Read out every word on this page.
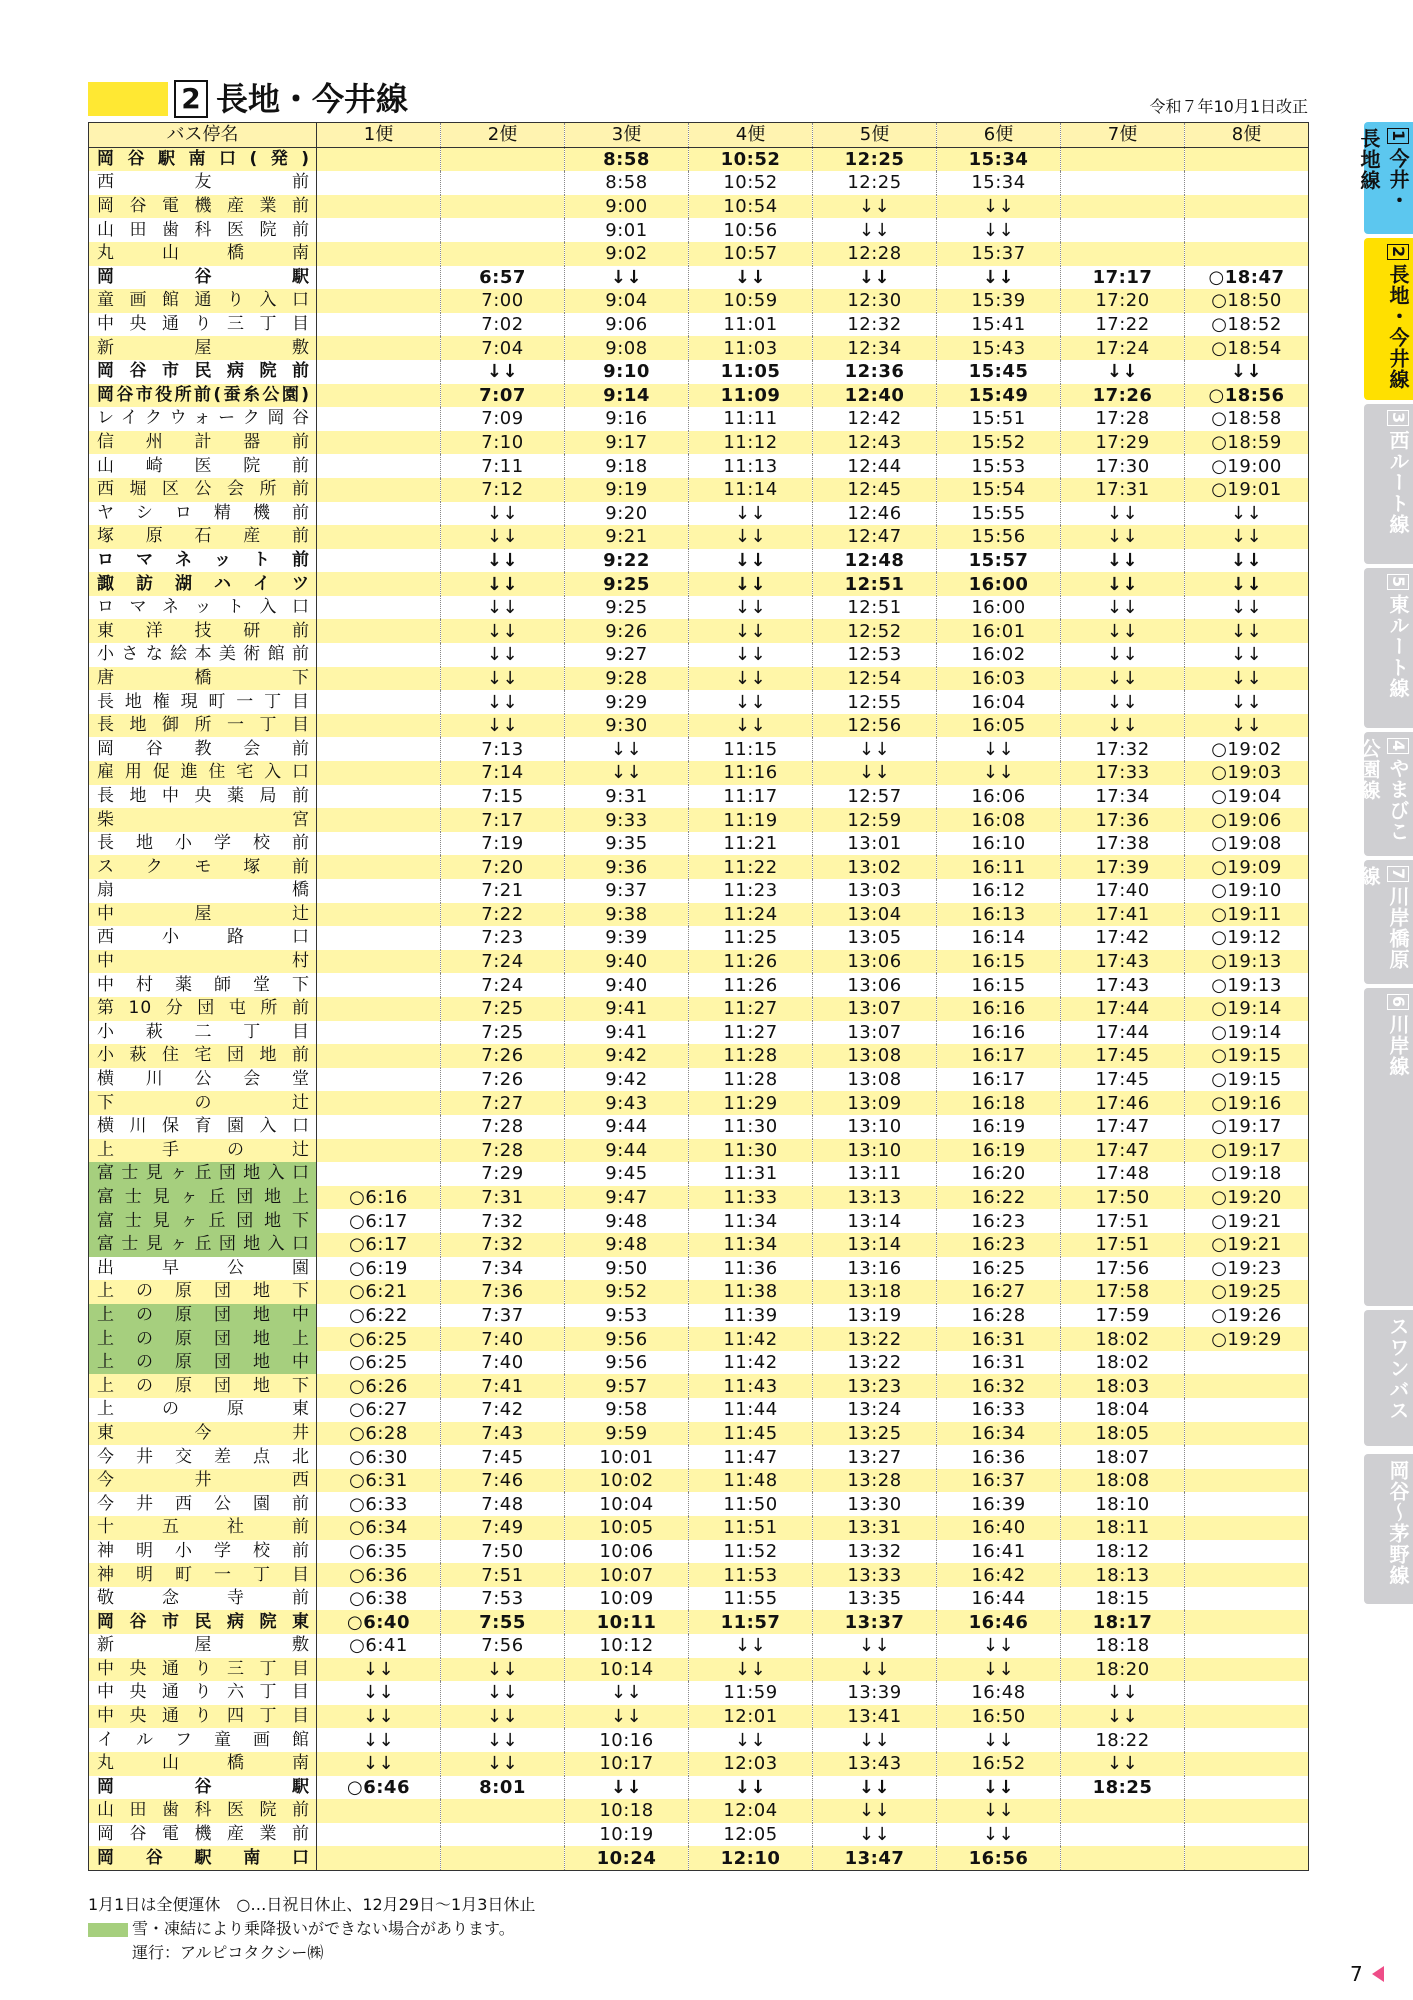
2 長地・今井線	令和７年10月1日改正
バス停名	1便	2便	3便	4便	5便	6便	7便	8便
岡谷駅南口(発)			8:58	10:52	12:25	15:34		
西友前			8:58	10:52	12:25	15:34		
岡谷電機産業前			9:00	10:54	↓↓	↓↓		
山田歯科医院前			9:01	10:56	↓↓	↓↓		
丸山橋南			9:02	10:57	12:28	15:37		
岡谷駅		6:57	↓↓	↓↓	↓↓	↓↓	17:17	○18:47
童画館通り入口		7:00	9:04	10:59	12:30	15:39	17:20	○18:50
中央通り三丁目		7:02	9:06	11:01	12:32	15:41	17:22	○18:52
新屋敷		7:04	9:08	11:03	12:34	15:43	17:24	○18:54
岡谷市民病院前		↓↓	9:10	11:05	12:36	15:45	↓↓	↓↓
岡谷市役所前(蚕糸公園)		7:07	9:14	11:09	12:40	15:49	17:26	○18:56
レイクウォーク岡谷		7:09	9:16	11:11	12:42	15:51	17:28	○18:58
信州計器前		7:10	9:17	11:12	12:43	15:52	17:29	○18:59
山崎医院前		7:11	9:18	11:13	12:44	15:53	17:30	○19:00
西堀区公会所前		7:12	9:19	11:14	12:45	15:54	17:31	○19:01
ヤシロ精機前		↓↓	9:20	↓↓	12:46	15:55	↓↓	↓↓
塚原石産前		↓↓	9:21	↓↓	12:47	15:56	↓↓	↓↓
ロマネット前		↓↓	9:22	↓↓	12:48	15:57	↓↓	↓↓
諏訪湖ハイツ		↓↓	9:25	↓↓	12:51	16:00	↓↓	↓↓
ロマネット入口		↓↓	9:25	↓↓	12:51	16:00	↓↓	↓↓
東洋技研前		↓↓	9:26	↓↓	12:52	16:01	↓↓	↓↓
小さな絵本美術館前		↓↓	9:27	↓↓	12:53	16:02	↓↓	↓↓
唐橋下		↓↓	9:28	↓↓	12:54	16:03	↓↓	↓↓
長地権現町一丁目		↓↓	9:29	↓↓	12:55	16:04	↓↓	↓↓
長地御所一丁目		↓↓	9:30	↓↓	12:56	16:05	↓↓	↓↓
岡谷教会前		7:13	↓↓	11:15	↓↓	↓↓	17:32	○19:02
雇用促進住宅入口		7:14	↓↓	11:16	↓↓	↓↓	17:33	○19:03
長地中央薬局前		7:15	9:31	11:17	12:57	16:06	17:34	○19:04
柴宮		7:17	9:33	11:19	12:59	16:08	17:36	○19:06
長地小学校前		7:19	9:35	11:21	13:01	16:10	17:38	○19:08
スクモ塚前		7:20	9:36	11:22	13:02	16:11	17:39	○19:09
扇橋		7:21	9:37	11:23	13:03	16:12	17:40	○19:10
中屋辻		7:22	9:38	11:24	13:04	16:13	17:41	○19:11
西小路口		7:23	9:39	11:25	13:05	16:14	17:42	○19:12
中村		7:24	9:40	11:26	13:06	16:15	17:43	○19:13
中村薬師堂下		7:24	9:40	11:26	13:06	16:15	17:43	○19:13
第10分団屯所前		7:25	9:41	11:27	13:07	16:16	17:44	○19:14
小萩二丁目		7:25	9:41	11:27	13:07	16:16	17:44	○19:14
小萩住宅団地前		7:26	9:42	11:28	13:08	16:17	17:45	○19:15
横川公会堂		7:26	9:42	11:28	13:08	16:17	17:45	○19:15
下の辻		7:27	9:43	11:29	13:09	16:18	17:46	○19:16
横川保育園入口		7:28	9:44	11:30	13:10	16:19	17:47	○19:17
上手の辻		7:28	9:44	11:30	13:10	16:19	17:47	○19:17
富士見ヶ丘団地入口		7:29	9:45	11:31	13:11	16:20	17:48	○19:18
富士見ヶ丘団地上	○6:16	7:31	9:47	11:33	13:13	16:22	17:50	○19:20
富士見ヶ丘団地下	○6:17	7:32	9:48	11:34	13:14	16:23	17:51	○19:21
富士見ヶ丘団地入口	○6:17	7:32	9:48	11:34	13:14	16:23	17:51	○19:21
出早公園	○6:19	7:34	9:50	11:36	13:16	16:25	17:56	○19:23
上の原団地下	○6:21	7:36	9:52	11:38	13:18	16:27	17:58	○19:25
上の原団地中	○6:22	7:37	9:53	11:39	13:19	16:28	17:59	○19:26
上の原団地上	○6:25	7:40	9:56	11:42	13:22	16:31	18:02	○19:29
上の原団地中	○6:25	7:40	9:56	11:42	13:22	16:31	18:02	
上の原団地下	○6:26	7:41	9:57	11:43	13:23	16:32	18:03	
上の原東	○6:27	7:42	9:58	11:44	13:24	16:33	18:04	
東今井	○6:28	7:43	9:59	11:45	13:25	16:34	18:05	
今井交差点北	○6:30	7:45	10:01	11:47	13:27	16:36	18:07	
今井西	○6:31	7:46	10:02	11:48	13:28	16:37	18:08	
今井西公園前	○6:33	7:48	10:04	11:50	13:30	16:39	18:10	
十五社前	○6:34	7:49	10:05	11:51	13:31	16:40	18:11	
神明小学校前	○6:35	7:50	10:06	11:52	13:32	16:41	18:12	
神明町一丁目	○6:36	7:51	10:07	11:53	13:33	16:42	18:13	
敬念寺前	○6:38	7:53	10:09	11:55	13:35	16:44	18:15	
岡谷市民病院東	○6:40	7:55	10:11	11:57	13:37	16:46	18:17	
新屋敷	○6:41	7:56	10:12	↓↓	↓↓	↓↓	18:18	
中央通り三丁目	↓↓	↓↓	10:14	↓↓	↓↓	↓↓	18:20	
中央通り六丁目	↓↓	↓↓	↓↓	11:59	13:39	16:48	↓↓	
中央通り四丁目	↓↓	↓↓	↓↓	12:01	13:41	16:50	↓↓	
イルフ童画館	↓↓	↓↓	10:16	↓↓	↓↓	↓↓	18:22	
丸山橋南	↓↓	↓↓	10:17	12:03	13:43	16:52	↓↓	
岡谷駅	○6:46	8:01	↓↓	↓↓	↓↓	↓↓	18:25	
山田歯科医院前			10:18	12:04	↓↓	↓↓		
岡谷電機産業前			10:19	12:05	↓↓	↓↓		
岡谷駅南口			10:24	12:10	13:47	16:56		
1月1日は全便運休　○…日祝日休止、12月29日～1月3日休止
雪・凍結により乗降扱いができない場合があります。
運行：アルピコタクシー㈱
1今井・長地線
2長地・今井線
3西ルート線
5東ルート線
4やまびこ公園線
7川岸橋原線
6川岸線
スワンバス
岡谷～茅野線
7
